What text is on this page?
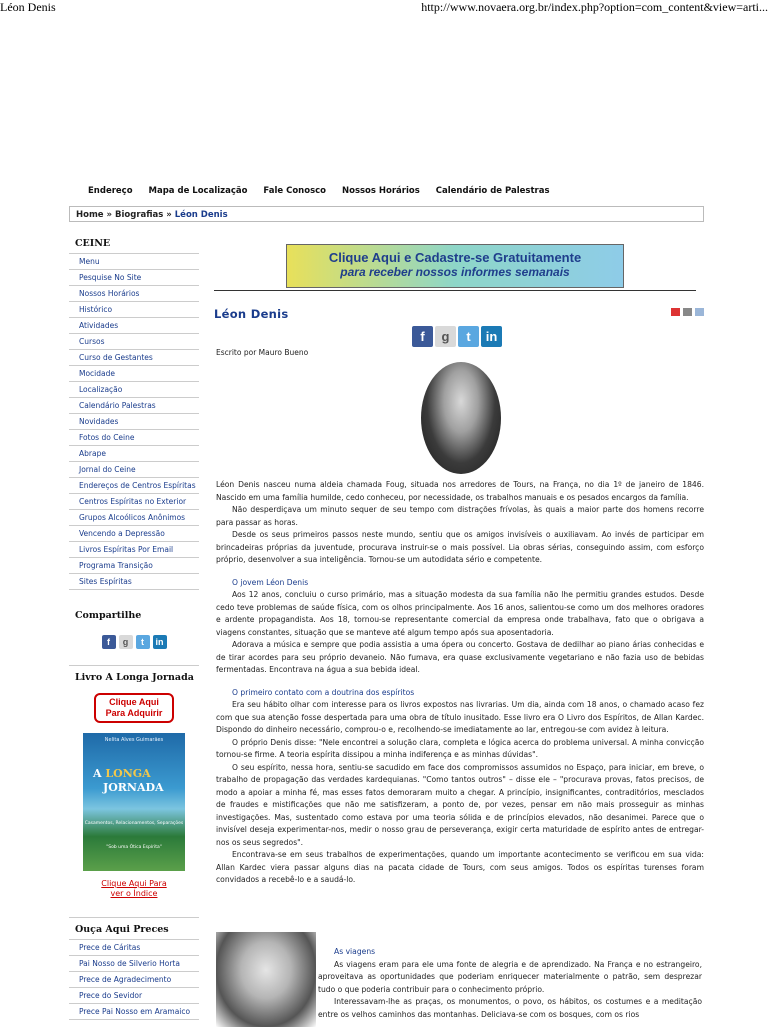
Léon Denis	http://www.novaera.org.br/index.php?option=com_content&view=arti...
Endereço Mapa de Localização Fale Conosco Nossos Horários Calendário de Palestras
Home » Biografias » Léon Denis
CEINE
Menu
Pesquise No Site
Nossos Horários
Histórico
Atividades
Cursos
Curso de Gestantes
Mocidade
Localização
Calendário Palestras
Novidades
Fotos do Ceine
Abrape
Jornal do Ceine
Endereços de Centros Espíritas
Centros Espíritas no Exterior
Grupos Alcoólicos Anônimos
Vencendo a Depressão
Livros Espíritas Por Email
Programa Transição
Sites Espíritas
Compartilhe
f	g	t	in
Livro A Longa Jornada
Clique Aqui
Para Adquirir
Nelita Alves Guimarães
A LONGA
JORNADA
Casamentos, Relacionamentos, Separações
"Sob uma Ótica Espírita"
Clique Aqui Para
ver o Índice
Ouça Aqui Preces
Prece de Cáritas
Pai Nosso de Silverio Horta
Prece de Agradecimento
Prece do Sevidor
Prece Pai Nosso em Aramaico
Clique Aqui e Cadastre-se Gratuitamente
para receber nossos informes semanais
Léon Denis
f	g	t	in
Escrito por Mauro Bueno

Léon Denis nasceu numa aldeia chamada Foug, situada nos arredores de Tours, na França, no dia 1º de janeiro de 1846. Nascido em uma família humilde, cedo conheceu, por necessidade, os trabalhos manuais e os pesados encargos da família.

Não desperdiçava um minuto sequer de seu tempo com distrações frívolas, às quais a maior parte dos homens recorre para passar as horas.

Desde os seus primeiros passos neste mundo, sentiu que os amigos invisíveis o auxiliavam. Ao invés de participar em brincadeiras próprias da juventude, procurava instruir-se o mais possível. Lia obras sérias, conseguindo assim, com esforço próprio, desenvolver a sua inteligência. Tornou-se um autodidata sério e competente.

O jovem Léon Denis

Aos 12 anos, concluiu o curso primário, mas a situação modesta da sua família não lhe permitiu grandes estudos. Desde cedo teve problemas de saúde física, com os olhos principalmente. Aos 16 anos, salientou-se como um dos melhores oradores e ardente propagandista. Aos 18, tornou-se representante comercial da empresa onde trabalhava, fato que o obrigava a viagens constantes, situação que se manteve até algum tempo após sua aposentadoria.

Adorava a música e sempre que podia assistia a uma ópera ou concerto. Gostava de dedilhar ao piano árias conhecidas e de tirar acordes para seu próprio devaneio. Não fumava, era quase exclusivamente vegetariano e não fazia uso de bebidas fermentadas. Encontrava na água a sua bebida ideal.

O primeiro contato com a doutrina dos espíritos

Era seu hábito olhar com interesse para os livros expostos nas livrarias. Um dia, ainda com 18 anos, o chamado acaso fez com que sua atenção fosse despertada para uma obra de título inusitado. Esse livro era O Livro dos Espíritos, de Allan Kardec. Dispondo do dinheiro necessário, comprou-o e, recolhendo-se imediatamente ao lar, entregou-se com avidez à leitura.

O próprio Denis disse: "Nele encontrei a solução clara, completa e lógica acerca do problema universal. A minha convicção tornou-se firme. A teoria espírita dissipou a minha indiferença e as minhas dúvidas".

O seu espírito, nessa hora, sentiu-se sacudido em face dos compromissos assumidos no Espaço, para iniciar, em breve, o trabalho de propagação das verdades kardequianas. "Como tantos outros" – disse ele – "procurava provas, fatos precisos, de modo a apoiar a minha fé, mas esses fatos demoraram muito a chegar. A princípio, insignificantes, contraditórios, mesclados de fraudes e mistificações que não me satisfizeram, a ponto de, por vezes, pensar em não mais prosseguir as minhas investigações. Mas, sustentado como estava por uma teoria sólida e de princípios elevados, não desanimei. Parece que o invisível deseja experimentar-nos, medir o nosso grau de perseverança, exigir certa maturidade de espírito antes de entregar-nos os seus segredos".

Encontrava-se em seus trabalhos de experimentações, quando um importante acontecimento se verificou em sua vida: Allan Kardec viera passar alguns dias na pacata cidade de Tours, com seus amigos. Todos os espíritas turenses foram convidados a recebê-lo e a saudá-lo.

As viagens

As viagens eram para ele uma fonte de alegria e de aprendizado. Na França e no estrangeiro, aproveitava as oportunidades que poderiam enriquecer materialmente o patrão, sem desprezar tudo o que poderia contribuir para o conhecimento próprio.

Interessavam-lhe as praças, os monumentos, o povo, os hábitos, os costumes e a meditação entre os velhos caminhos das montanhas. Deliciava-se com os bosques, com os rios
